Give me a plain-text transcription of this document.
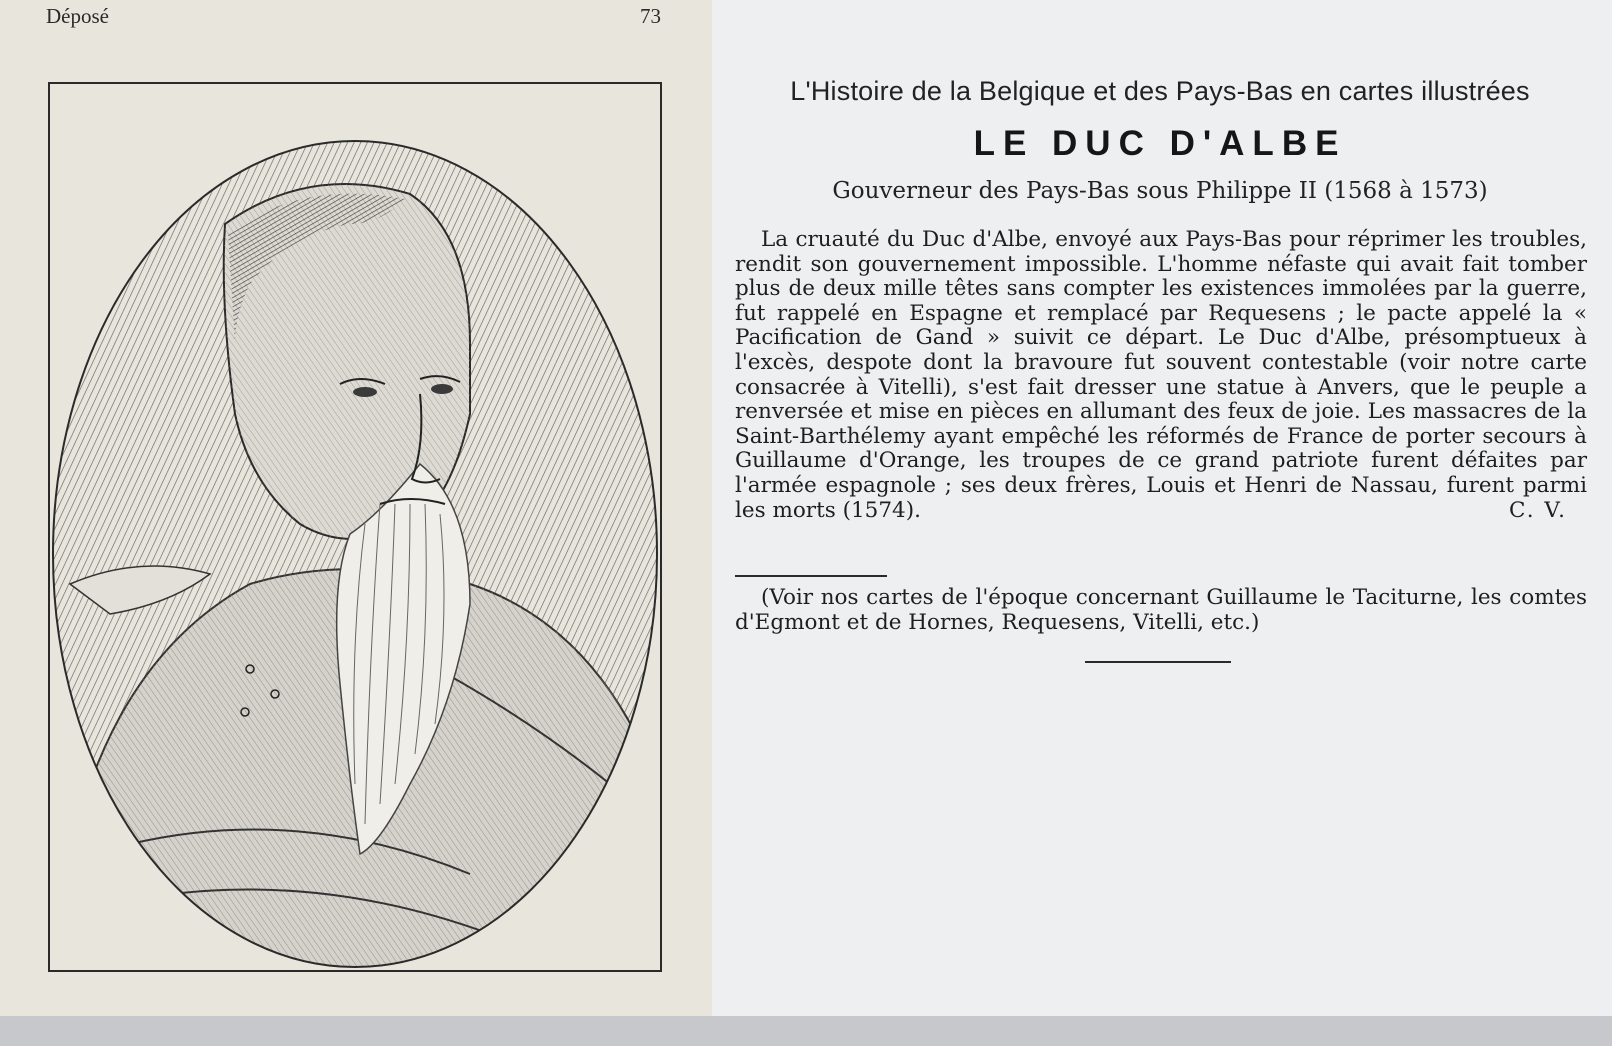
Déposé	73
L'Histoire de la Belgique et des Pays-Bas en cartes illustrées
LE DUC D'ALBE
Gouverneur des Pays-Bas sous Philippe II (1568 à 1573)

La cruauté du Duc d'Albe, envoyé aux Pays-Bas pour réprimer les troubles, rendit son gouvernement impossible. L'homme néfaste qui avait fait tomber plus de deux mille têtes sans compter les existences immolées par la guerre, fut rappelé en Espagne et remplacé par Requesens ; le pacte appelé la « Pacification de Gand » suivit ce départ. Le Duc d'Albe, présomptueux à l'excès, despote dont la bravoure fut souvent contestable (voir notre carte consacrée à Vitelli), s'est fait dresser une statue à Anvers, que le peuple a renversée et mise en pièces en allumant des feux de joie. Les massacres de la Saint-Barthélemy ayant empêché les réformés de France de porter secours à Guillaume d'Orange, les troupes de ce grand patriote furent défaites par l'armée espagnole ; ses deux frères, Louis et Henri de Nassau, furent parmi les morts (1574).	C. V.

(Voir nos cartes de l'époque concernant Guillaume le Taciturne, les comtes d'Egmont et de Hornes, Requesens, Vitelli, etc.)
